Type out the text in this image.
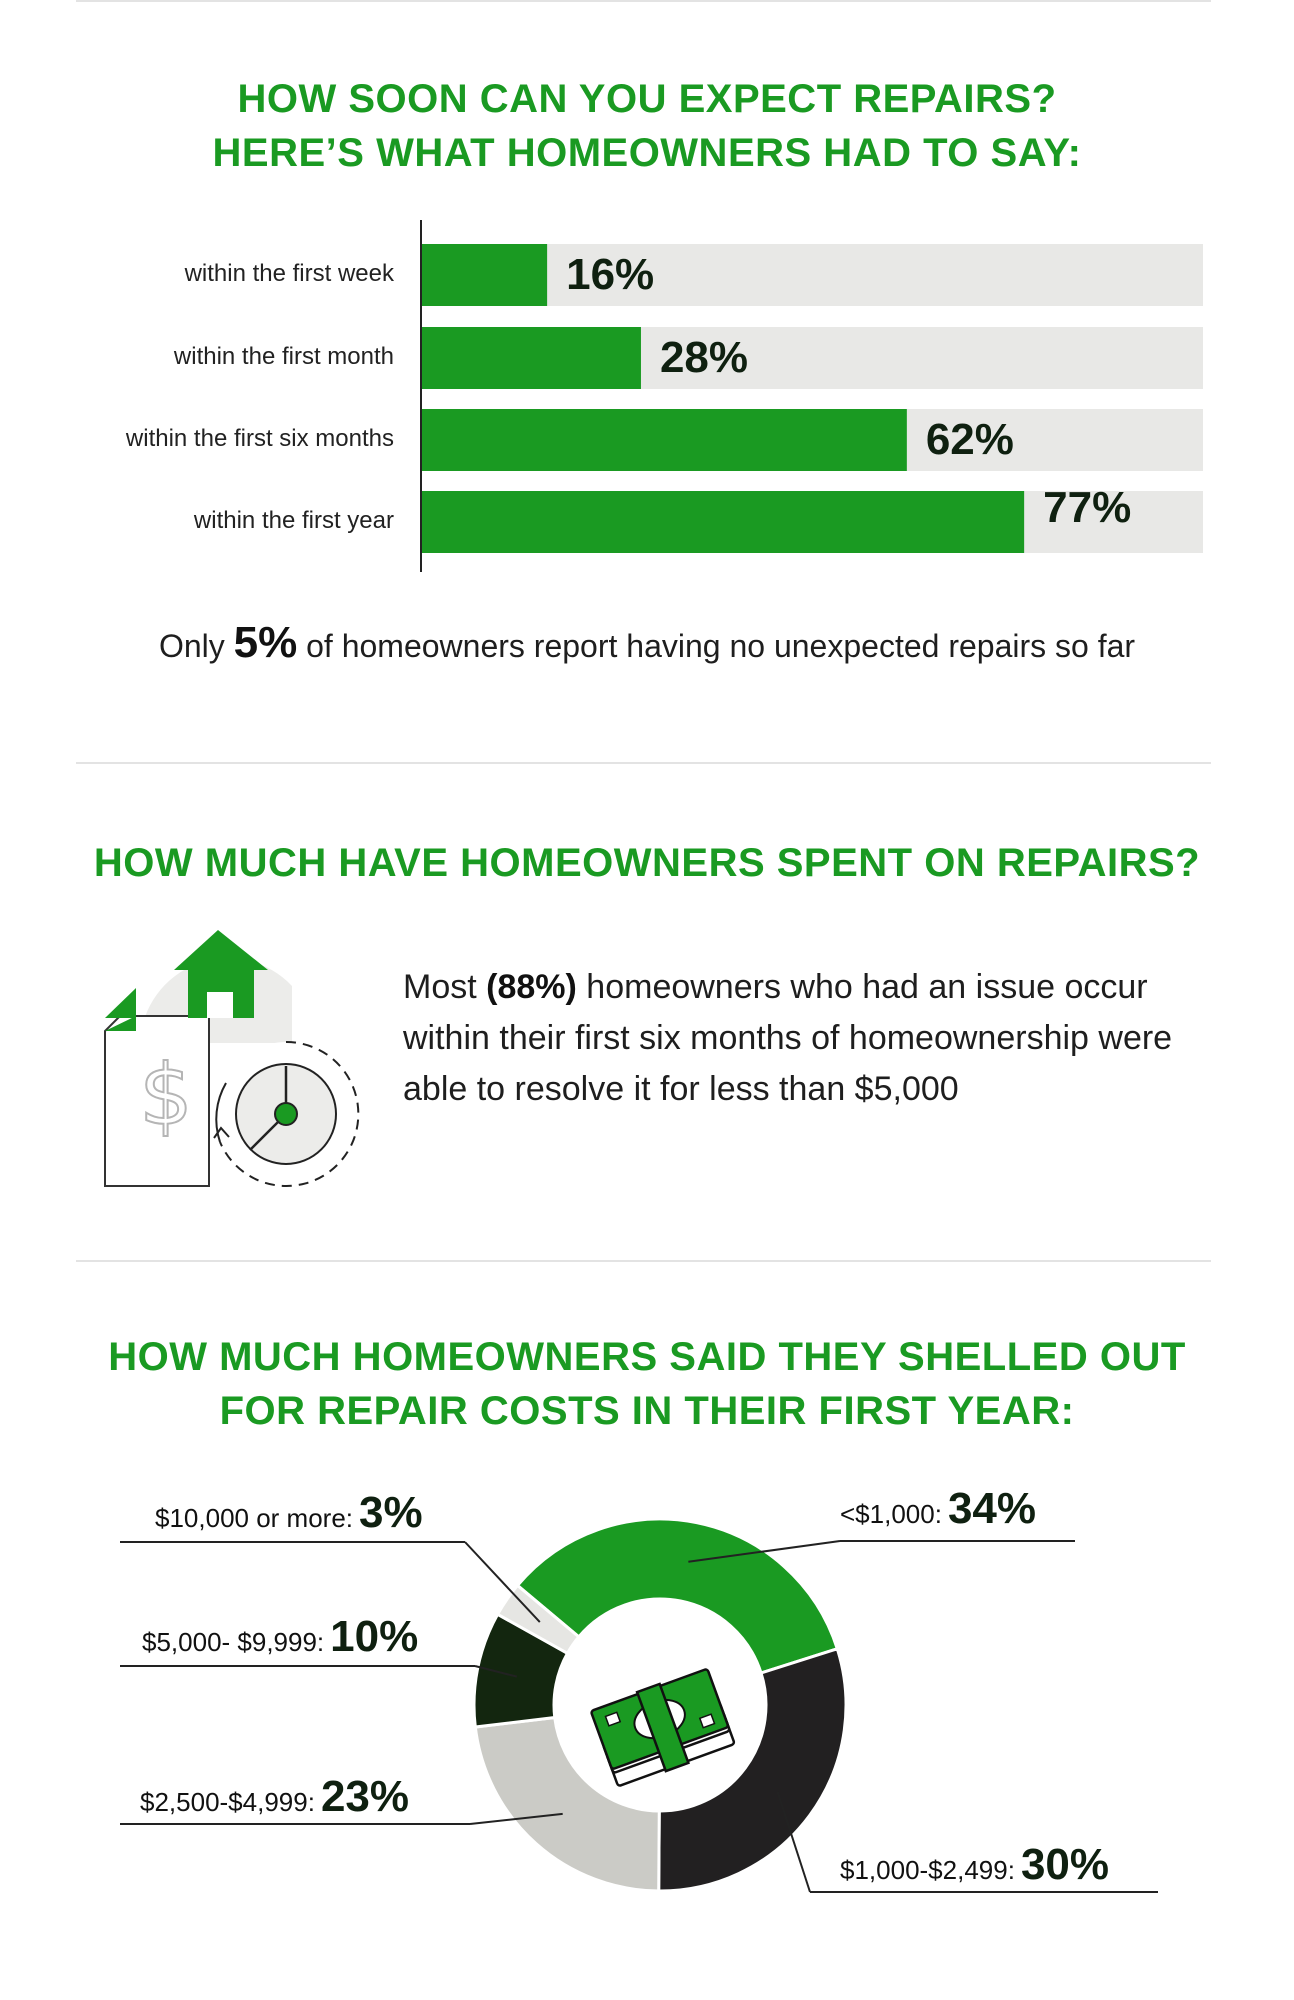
HOW SOON CAN YOU EXPECT REPAIRS?
HERE’S WHAT HOMEOWNERS HAD TO SAY:
within the first week
within the first month
within the first six months
within the first year
16%
28%
62%
77%
Only 5% of homeowners report having no unexpected repairs so far
HOW MUCH HAVE HOMEOWNERS SPENT ON REPAIRS?
$
Most (88%) homeowners who had an issue occur within their first six months of homeownership were able to resolve it for less than $5,000
HOW MUCH HOMEOWNERS SAID THEY SHELLED OUT
FOR REPAIR COSTS IN THEIR FIRST YEAR:
<$1,000: 34%
$1,000-$2,499: 30%
$2,500-$4,999: 23%
$5,000- $9,999: 10%
$10,000 or more: 3%
